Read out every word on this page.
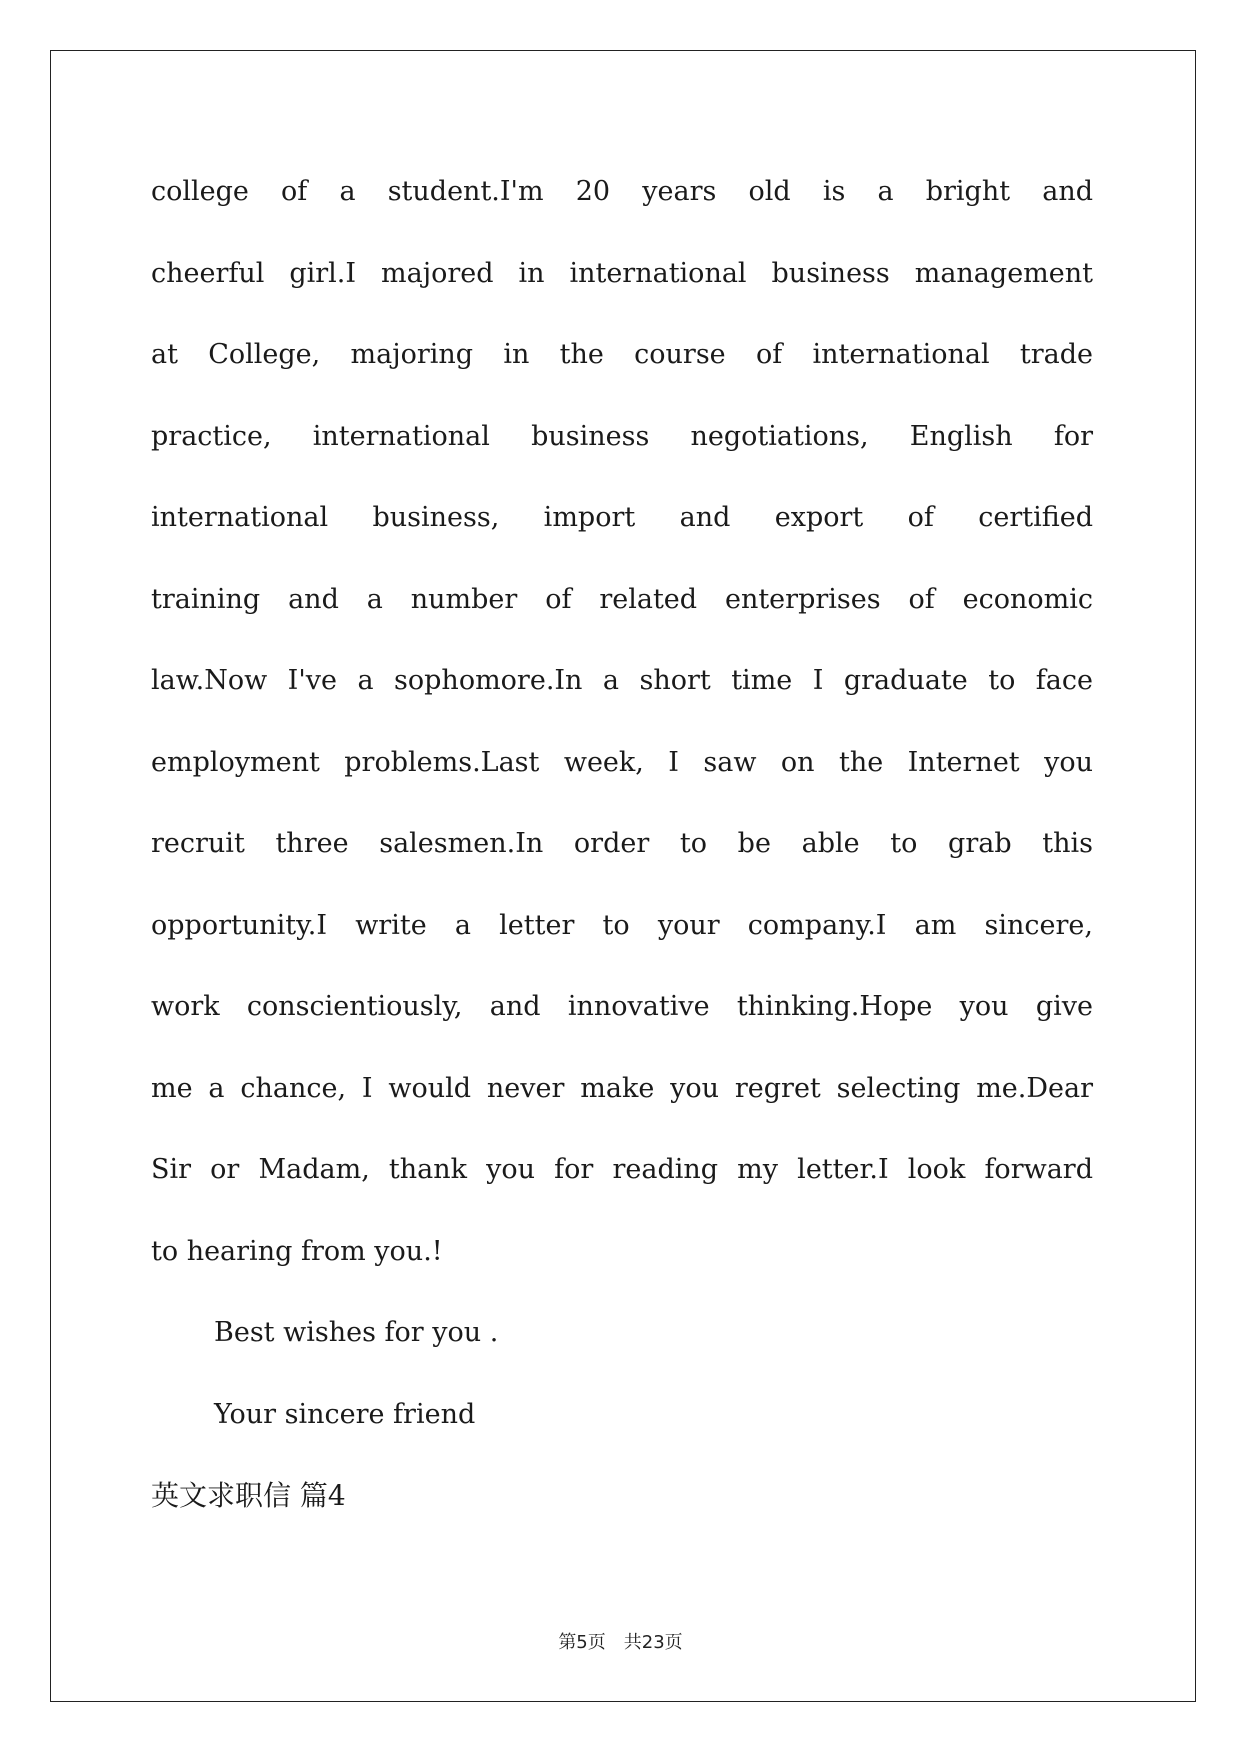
college of a student.I'm 20 years old is a bright and
cheerful girl.I majored in international business management
at College, majoring in the course of international trade
practice, international business negotiations, English for
international business, import and export of certified
training and a number of related enterprises of economic
law.Now I've a sophomore.In a short time I graduate to face
employment problems.Last week, I saw on the Internet you
recruit three salesmen.In order to be able to grab this
opportunity.I write a letter to your company.I am sincere,
work conscientiously, and innovative thinking.Hope you give
me a chance, I would never make you regret selecting me.Dear
Sir or Madam, thank you for reading my letter.I look forward
to hearing from you.!
Best wishes for you .
Your sincere friend
英文求职信 篇4
第5页　共23页
